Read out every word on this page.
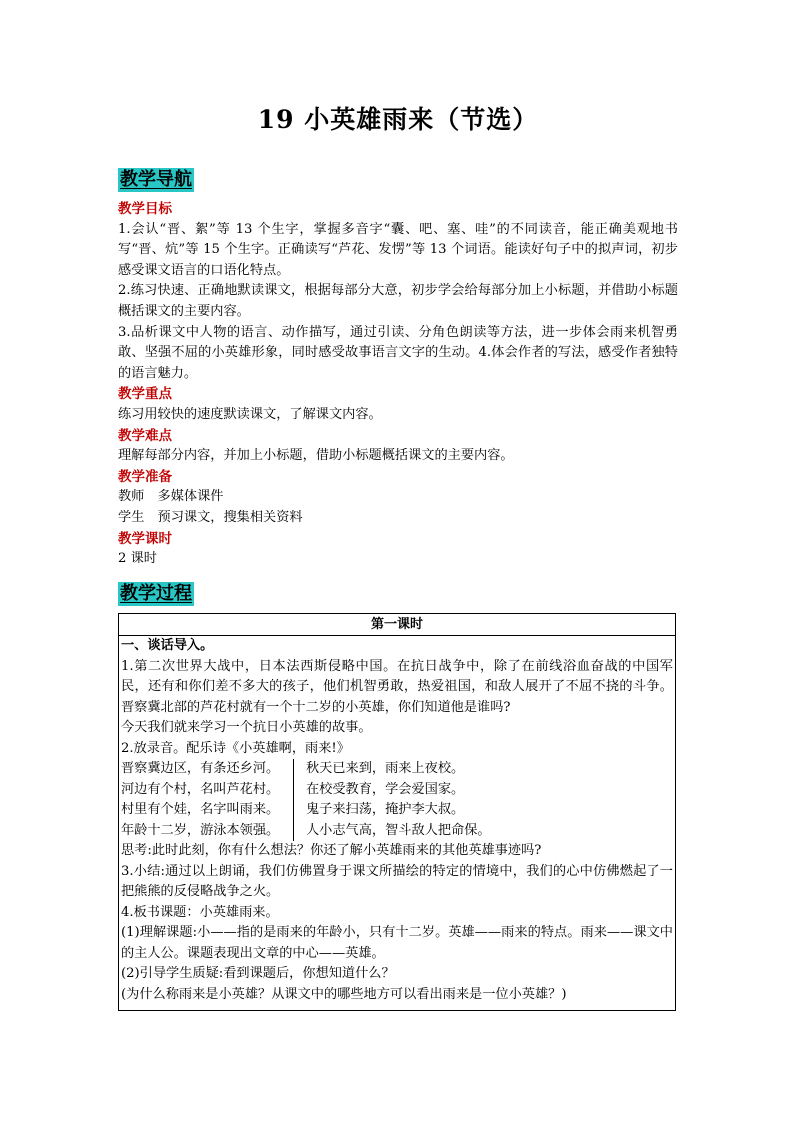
19 小英雄雨来（节选）
教学导航
教学目标

1.会认“晋、絮”等 13 个生字，掌握多音字“囊、吧、塞、哇”的不同读音，能正确美观地书写“晋、炕”等 15 个生字。正确读写“芦花、发愣”等 13 个词语。能读好句子中的拟声词，初步感受课文语言的口语化特点。

2.练习快速、正确地默读课文，根据每部分大意，初步学会给每部分加上小标题，并借助小标题概括课文的主要内容。

3.品析课文中人物的语言、动作描写，通过引读、分角色朗读等方法，进一步体会雨来机智勇敢、坚强不屈的小英雄形象，同时感受故事语言文字的生动。4.体会作者的写法，感受作者独特的语言魅力。

教学重点
练习用较快的速度默读课文，了解课文内容。
教学难点
理解每部分内容，并加上小标题，借助小标题概括课文的主要内容。
教学准备
教师　多媒体课件
学生　预习课文，搜集相关资料
教学课时
2 课时
教学过程
第一课时

一、谈话导入。

1.第二次世界大战中，日本法西斯侵略中国。在抗日战争中，除了在前线浴血奋战的中国军民，还有和你们差不多大的孩子，他们机智勇敢，热爱祖国，和敌人展开了不屈不挠的斗争。晋察冀北部的芦花村就有一个十二岁的小英雄，你们知道他是谁吗?

今天我们就来学习一个抗日小英雄的故事。

2.放录音。配乐诗《小英雄啊，雨来!》

晋察冀边区，有条还乡河。
河边有个村，名叫芦花村。
村里有个娃，名字叫雨来。
年龄十二岁，游泳本领强。
秋天已来到，雨来上夜校。
在校受教育，学会爱国家。
鬼子来扫荡，掩护李大叔。
人小志气高，智斗敌人把命保。

思考:此时此刻，你有什么想法？你还了解小英雄雨来的其他英雄事迹吗?

3.小结:通过以上朗诵，我们仿佛置身于课文所描绘的特定的情境中，我们的心中仿佛燃起了一把熊熊的反侵略战争之火。

4.板书课题：小英雄雨来。

(1)理解课题:小——指的是雨来的年龄小，只有十二岁。英雄——雨来的特点。雨来——课文中的主人公。课题表现出文章的中心——英雄。

(2)引导学生质疑:看到课题后，你想知道什么？

(为什么称雨来是小英雄？从课文中的哪些地方可以看出雨来是一位小英雄？)
